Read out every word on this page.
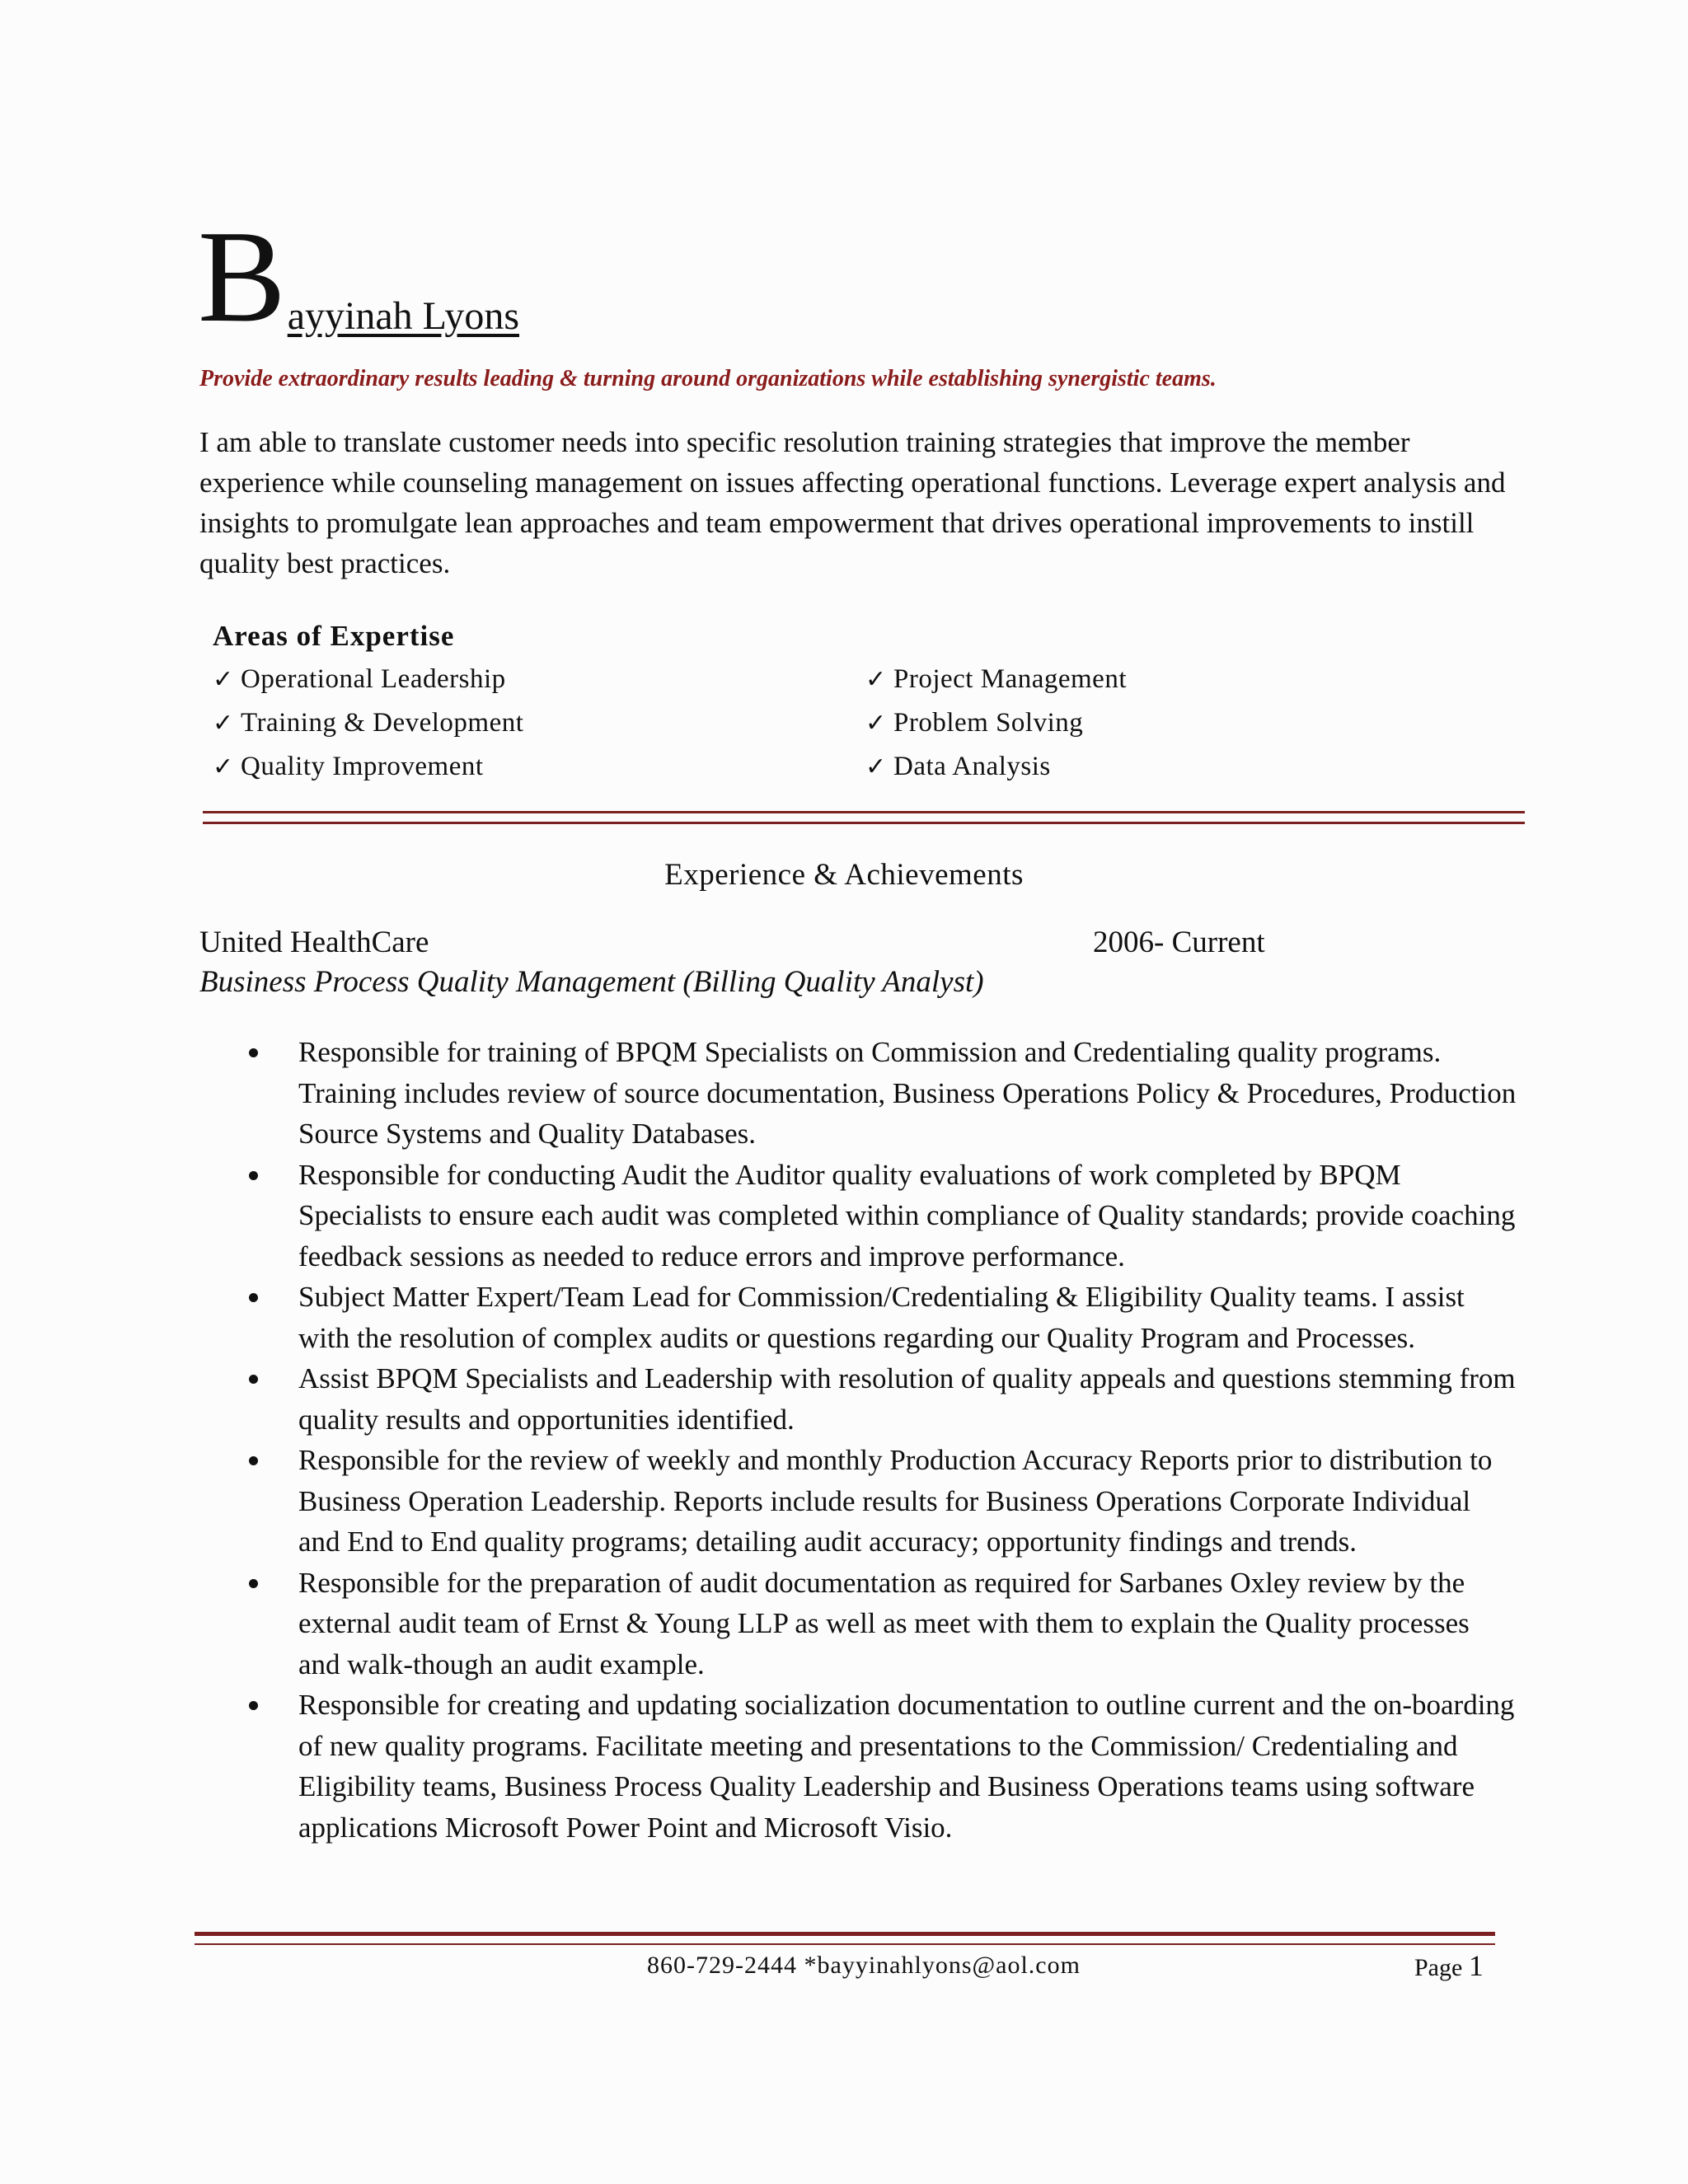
Bayyinah Lyons
Provide extraordinary results leading & turning around organizations while establishing synergistic teams.

I am able to translate customer needs into specific resolution training strategies that improve the member experience while counseling management on issues affecting operational functions. Leverage expert analysis and insights to promulgate lean approaches and team empowerment that drives operational improvements to instill quality best practices.

Areas of Expertise
✓ Operational Leadership
✓ Training & Development
✓ Quality Improvement
✓ Project Management
✓ Problem Solving
✓ Data Analysis
Experience & Achievements
United HealthCare	2006- Current
Business Process Quality Management (Billing Quality Analyst)
Responsible for training of BPQM Specialists on Commission and Credentialing quality programs. Training includes review of source documentation, Business Operations Policy & Procedures, Production Source Systems and Quality Databases.
Responsible for conducting Audit the Auditor quality evaluations of work completed by BPQM Specialists to ensure each audit was completed within compliance of Quality standards; provide coaching feedback sessions as needed to reduce errors and improve performance.
Subject Matter Expert/Team Lead for Commission/Credentialing & Eligibility Quality teams. I assist with the resolution of complex audits or questions regarding our Quality Program and Processes.
Assist BPQM Specialists and Leadership with resolution of quality appeals and questions stemming from quality results and opportunities identified.
Responsible for the review of weekly and monthly Production Accuracy Reports prior to distribution to Business Operation Leadership. Reports include results for Business Operations Corporate Individual and End to End quality programs; detailing audit accuracy; opportunity findings and trends.
Responsible for the preparation of audit documentation as required for Sarbanes Oxley review by the external audit team of Ernst & Young LLP as well as meet with them to explain the Quality processes and walk-though an audit example.
Responsible for creating and updating socialization documentation to outline current and the on-boarding of new quality programs. Facilitate meeting and presentations to the Commission/ Credentialing and Eligibility teams, Business Process Quality Leadership and Business Operations teams using software applications Microsoft Power Point and Microsoft Visio.
860-729-2444 *bayyinahlyons@aol.com	Page 1
